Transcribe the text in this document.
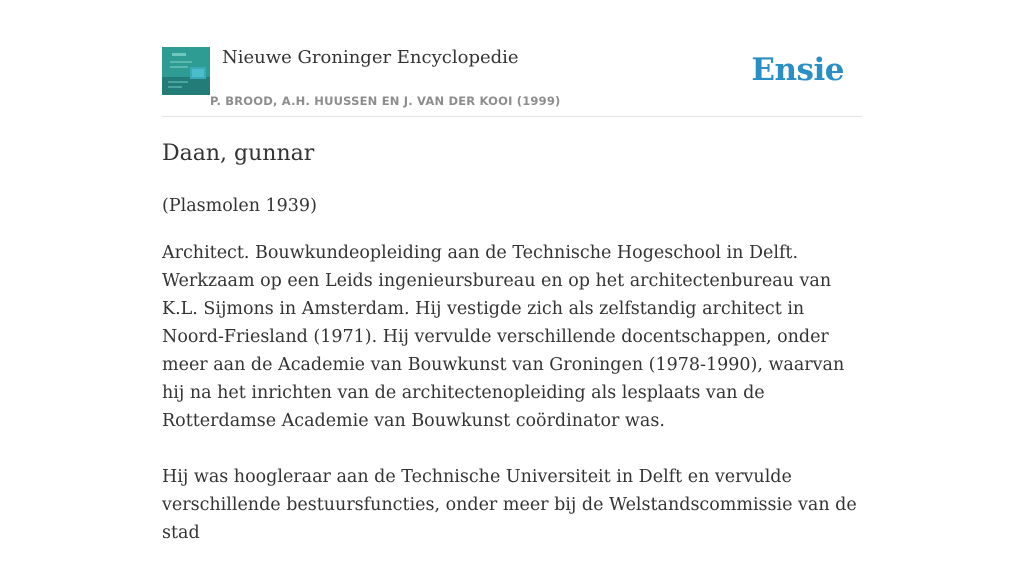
Nieuwe Groninger Encyclopedie
P. BROOD, A.H. HUUSSEN EN J. VAN DER KOOI (1999)
Ensie
Daan, gunnar

(Plasmolen 1939)

Architect. Bouwkundeopleiding aan de Technische Hogeschool in Delft. Werkzaam op een Leids ingenieursbureau en op het architectenbureau van K.L. Sijmons in Amsterdam. Hij vestigde zich als zelfstandig architect in Noord-Friesland (1971). Hij vervulde verschillende docentschappen, onder meer aan de Academie van Bouwkunst van Groningen (1978-1990), waarvan hij na het inrichten van de architectenopleiding als lesplaats van de Rotterdamse Academie van Bouwkunst coördinator was.

Hij was hoogleraar aan de Technische Universiteit in Delft en vervulde verschillende bestuursfuncties, onder meer bij de Welstandscommissie van de stad
